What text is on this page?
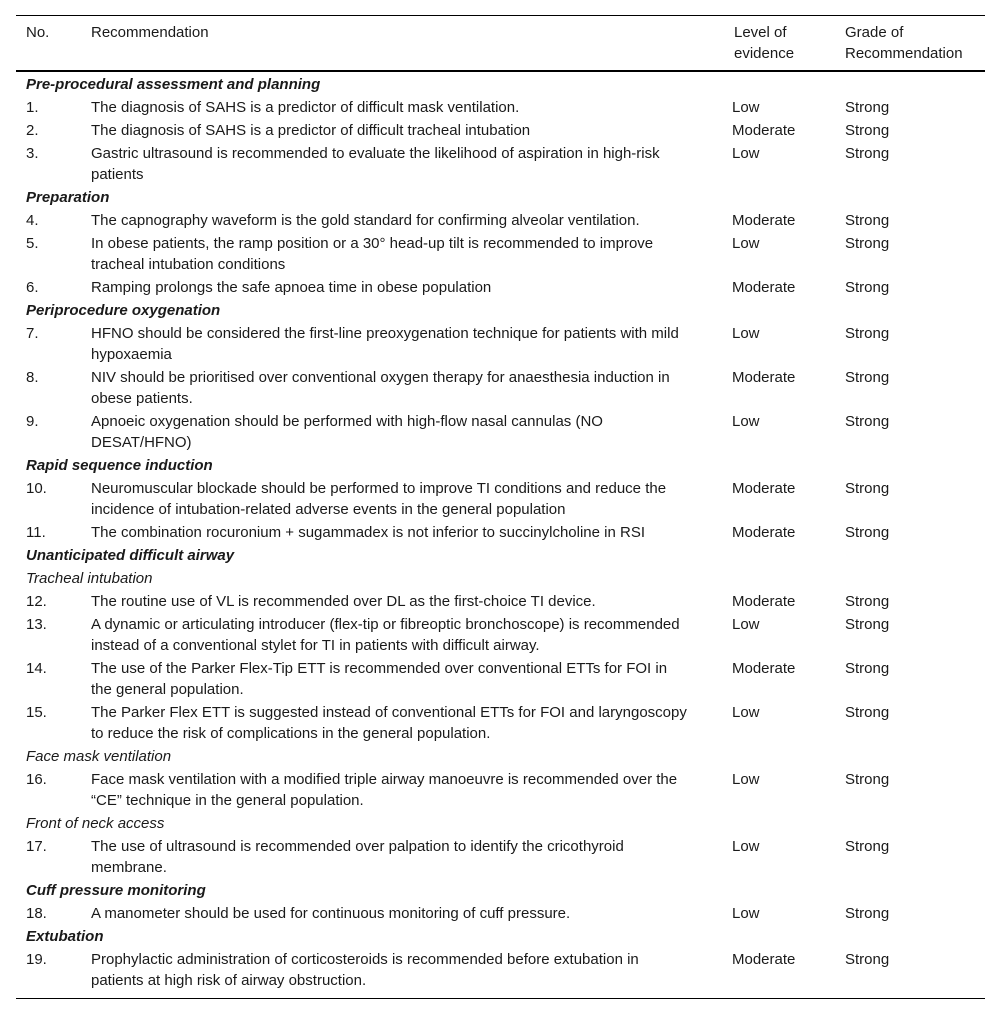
No.	Recommendation	Level of evidence	Grade of Recommendation
Pre-procedural assessment and planning			
1.	The diagnosis of SAHS is a predictor of difficult mask ventilation.	Low	Strong
2.	The diagnosis of SAHS is a predictor of difficult tracheal intubation	Moderate	Strong
3.	Gastric ultrasound is recommended to evaluate the likelihood of aspiration in high-risk patients	Low	Strong
Preparation			
4.	The capnography waveform is the gold standard for confirming alveolar ventilation.	Moderate	Strong
5.	In obese patients, the ramp position or a 30° head-up tilt is recommended to improve tracheal intubation conditions	Low	Strong
6.	Ramping prolongs the safe apnoea time in obese population	Moderate	Strong
Periprocedure oxygenation			
7.	HFNO should be considered the first-line preoxygenation technique for patients with mild hypoxaemia	Low	Strong
8.	NIV should be prioritised over conventional oxygen therapy for anaesthesia induction in obese patients.	Moderate	Strong
9.	Apnoeic oxygenation should be performed with high-flow nasal cannulas (NO DESAT/HFNO)	Low	Strong
Rapid sequence induction			
10.	Neuromuscular blockade should be performed to improve TI conditions and reduce the incidence of intubation-related adverse events in the general population	Moderate	Strong
11.	The combination rocuronium + sugammadex is not inferior to succinylcholine in RSI	Moderate	Strong
Unanticipated difficult airway			
Tracheal intubation			
12.	The routine use of VL is recommended over DL as the first-choice TI device.	Moderate	Strong
13.	A dynamic or articulating introducer (flex-tip or fibreoptic bronchoscope) is recommended instead of a conventional stylet for TI in patients with difficult airway.	Low	Strong
14.	The use of the Parker Flex-Tip ETT is recommended over conventional ETTs for FOI in the general population.	Moderate	Strong
15.	The Parker Flex ETT is suggested instead of conventional ETTs for FOI and laryngoscopy to reduce the risk of complications in the general population.	Low	Strong
Face mask ventilation			
16.	Face mask ventilation with a modified triple airway manoeuvre is recommended over the “CE” technique in the general population.	Low	Strong
Front of neck access			
17.	The use of ultrasound is recommended over palpation to identify the cricothyroid membrane.	Low	Strong
Cuff pressure monitoring			
18.	A manometer should be used for continuous monitoring of cuff pressure.	Low	Strong
Extubation			
19.	Prophylactic administration of corticosteroids is recommended before extubation in patients at high risk of airway obstruction.	Moderate	Strong
